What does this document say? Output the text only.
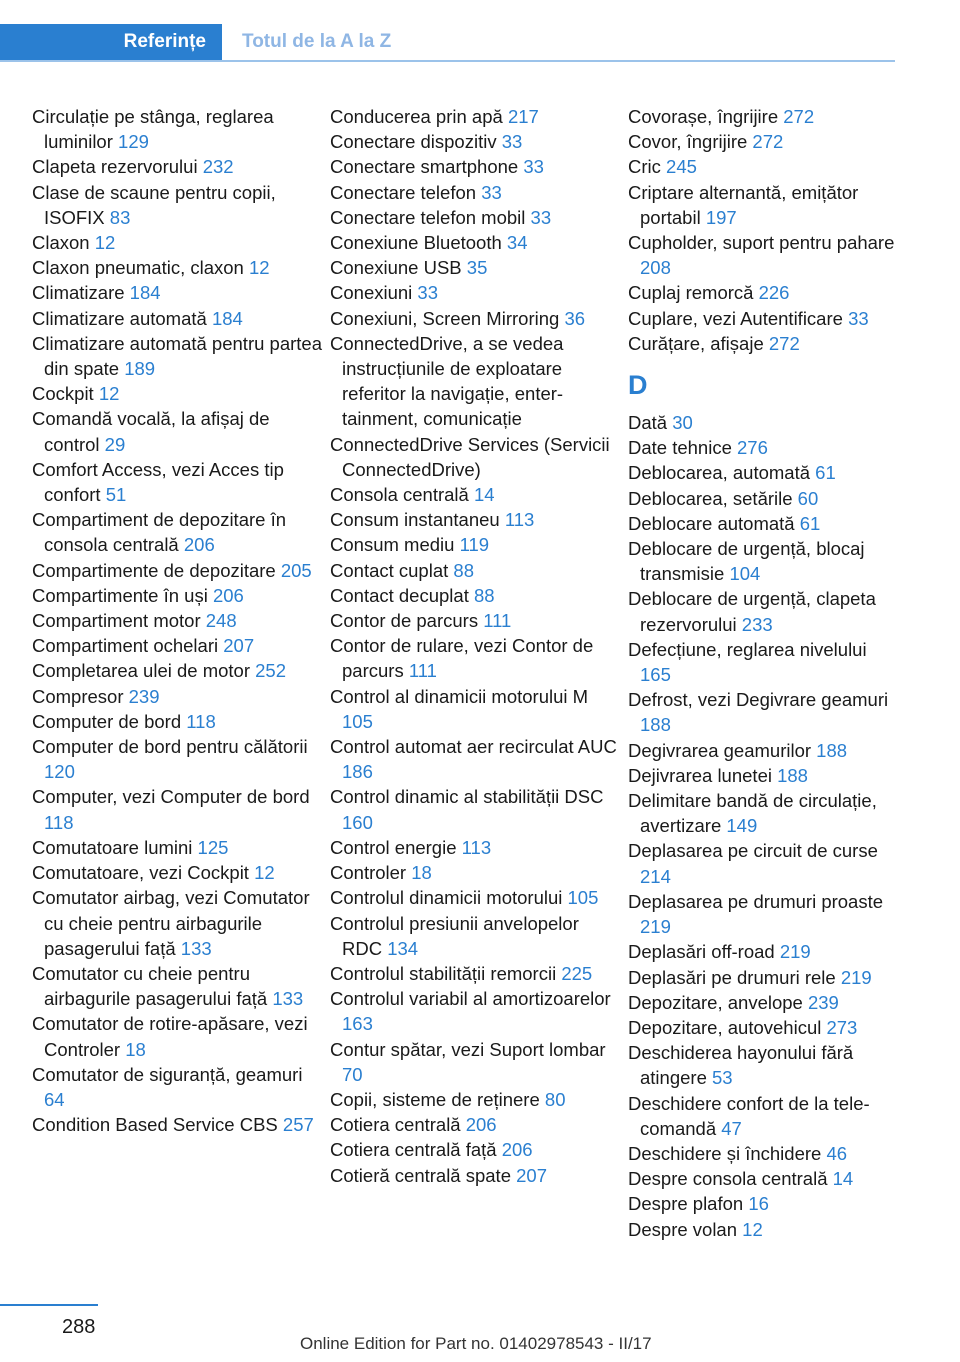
Referințe	Totul de la A la Z
Circulație pe stânga, reglarea luminilor 129
Clapeta rezervorului 232
Clase de scaune pentru copii, ISOFIX 83
Claxon 12
Claxon pneumatic, claxon 12
Climatizare 184
Climatizare automată 184
Climatizare automată pentru partea din spate 189
Cockpit 12
Comandă vocală, la afișaj de control 29
Comfort Access, vezi Acces tip confort 51
Compartiment de depozitare în consola centrală 206
Compartimente de depozitare 205
Compartimente în uși 206
Compartiment motor 248
Compartiment ochelari 207
Completarea ulei de motor 252
Compresor 239
Computer de bord 118
Computer de bord pentru călătorii 120
Computer, vezi Computer de bord 118
Comutatoare lumini 125
Comutatoare, vezi Cockpit 12
Comutator airbag, vezi Comutator cu cheie pentru airbagurile pasagerului față 133
Comutator cu cheie pentru airbagurile pasagerului față 133
Comutator de rotire-apăsare, vezi Controler 18
Comutator de siguranță, geamuri 64
Condition Based Service CBS 257
Conducerea prin apă 217
Conectare dispozitiv 33
Conectare smartphone 33
Conectare telefon 33
Conectare telefon mobil 33
Conexiune Bluetooth 34
Conexiune USB 35
Conexiuni 33
Conexiuni, Screen Mirroring 36
ConnectedDrive, a se vedea instrucțiunile de exploatare referitor la navigație, entertainment, comunicație
ConnectedDrive Services (Servicii ConnectedDrive)
Consola centrală 14
Consum instantaneu 113
Consum mediu 119
Contact cuplat 88
Contact decuplat 88
Contor de parcurs 111
Contor de rulare, vezi Contor de parcurs 111
Control al dinamicii motorului M 105
Control automat aer recirculat AUC 186
Control dinamic al stabilității DSC 160
Control energie 113
Controler 18
Controlul dinamicii motorului 105
Controlul presiunii anvelopelor RDC 134
Controlul stabilității remorcii 225
Controlul variabil al amortizoarelor 163
Contur spătar, vezi Suport lombar 70
Copii, sisteme de reținere 80
Cotiera centrală 206
Cotiera centrală față 206
Cotieră centrală spate 207
Covorașe, îngrijire 272
Covor, îngrijire 272
Cric 245
Criptare alternantă, emițător portabil 197
Cupholder, suport pentru pahare 208
Cuplaj remorcă 226
Cuplare, vezi Autentificare 33
Curățare, afișaje 272
D
Dată 30
Date tehnice 276
Deblocarea, automată 61
Deblocarea, setările 60
Deblocare automată 61
Deblocare de urgență, blocaj transmisie 104
Deblocare de urgență, clapeta rezervorului 233
Defecțiune, reglarea nivelului 165
Defrost, vezi Degivrare geamuri 188
Degivrarea geamurilor 188
Dejivrarea lunetei 188
Delimitare bandă de circulație, avertizare 149
Deplasarea pe circuit de curse 214
Deplasarea pe drumuri proaste 219
Deplasări off-road 219
Deplasări pe drumuri rele 219
Depozitare, anvelope 239
Depozitare, autovehicul 273
Deschiderea hayonului fără atingere 53
Deschidere confort de la telecomandă 47
Deschidere și închidere 46
Despre consola centrală 14
Despre plafon 16
Despre volan 12
288
Online Edition for Part no. 01402978543 - II/17
